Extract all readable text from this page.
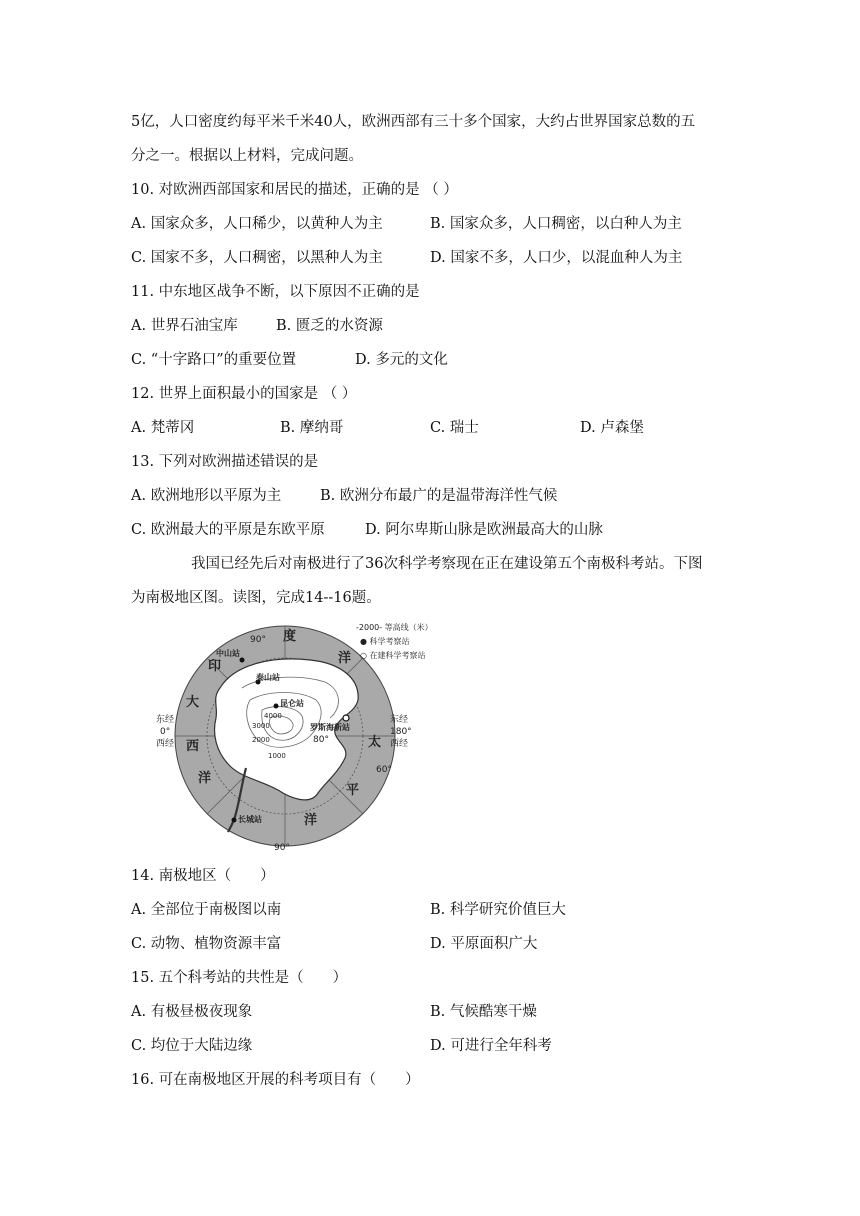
5亿，人口密度约每平米千米40人，欧洲西部有三十多个国家，大约占世界国家总数的五
分之一。根据以上材料，完成问题。
10. 对欧洲西部国家和居民的描述，正确的是 （ ）
A. 国家众多，人口稀少，以黄种人为主	B. 国家众多，人口稠密，以白种人为主
C. 国家不多，人口稠密，以黑种人为主	D. 国家不多，人口少，以混血种人为主
11. 中东地区战争不断，以下原因不正确的是
A. 世界石油宝库	B. 匮乏的水资源
C. “十字路口”的重要位置	D. 多元的文化
12. 世界上面积最小的国家是 （ ）
A. 梵蒂冈	B. 摩纳哥	C. 瑞士	D. 卢森堡
13. 下列对欧洲描述错误的是
A. 欧洲地形以平原为主	B. 欧洲分布最广的是温带海洋性气候
C. 欧洲最大的平原是东欧平原	D. 阿尔卑斯山脉是欧洲最高大的山脉
我国已经先后对南极进行了36次科学考察现在正在建设第五个南极科考站。下图
为南极地区图。读图，完成14--16题。
90°
90°
东经
0°
西经
东经
180°
西经
80°
60°
度
印
洋
大
西
洋
太
平
洋
中山站
泰山站
昆仑站
罗斯海新站
长城站
4000
3000
2000
1000
-2000- 等高线（米）
● 科学考察站
○ 在建科学考察站
14. 南极地区（　　）
A. 全部位于南极图以南	B. 科学研究价值巨大
C. 动物、植物资源丰富	D. 平原面积广大
15. 五个科考站的共性是（　　）
A. 有极昼极夜现象	B. 气候酷寒干燥
C. 均位于大陆边缘	D. 可进行全年科考
16. 可在南极地区开展的科考项目有（　　）
